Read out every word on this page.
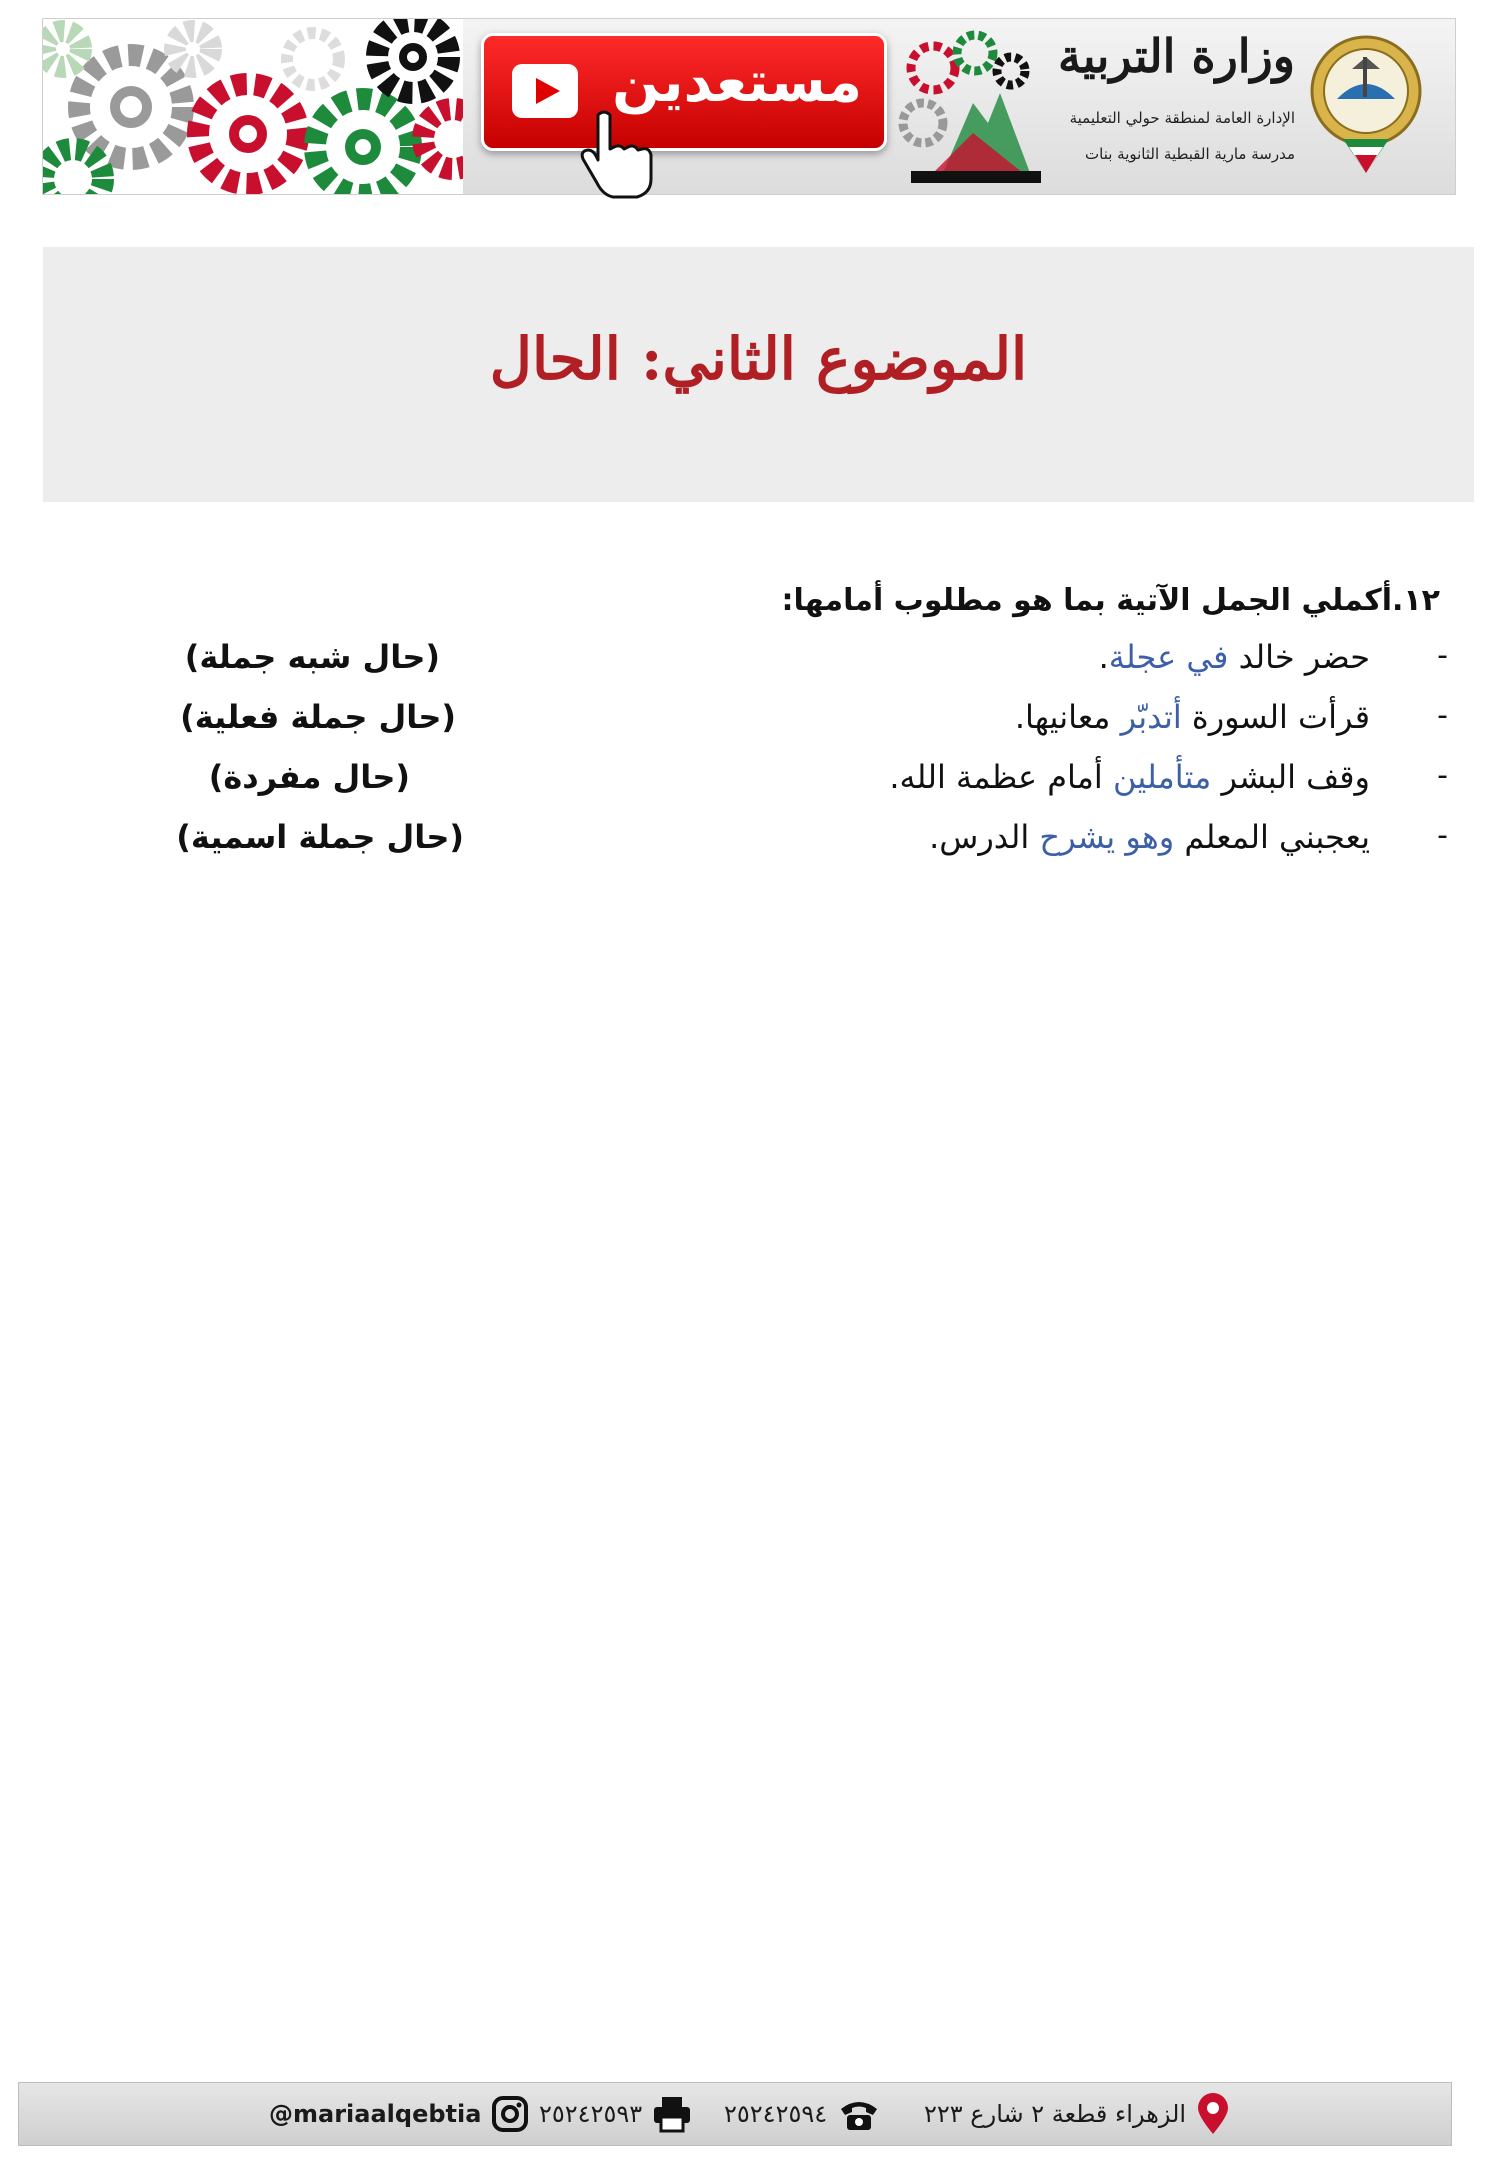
مستعدين	وزارة التربية
الإدارة العامة لمنطقة حولي التعليمية
مدرسة مارية القبطية الثانوية بنات
الموضوع الثاني: الحال
١٢.أكملي الجمل الآتية بما هو مطلوب أمامها:
-
حضر خالد في عجلة.
(حال شبه جملة)
-
قرأت السورة أتدبّر معانيها.
(حال جملة فعلية)
-
وقف البشر متأملين أمام عظمة الله.
(حال مفردة)
-
يعجبني المعلم وهو يشرح الدرس.
(حال جملة اسمية)
@mariaalqebtia ٢٥٢٤٢٥٩٣	٢٥٢٤٢٥٩٤	الزهراء قطعة ٢ شارع ٢٢٣
